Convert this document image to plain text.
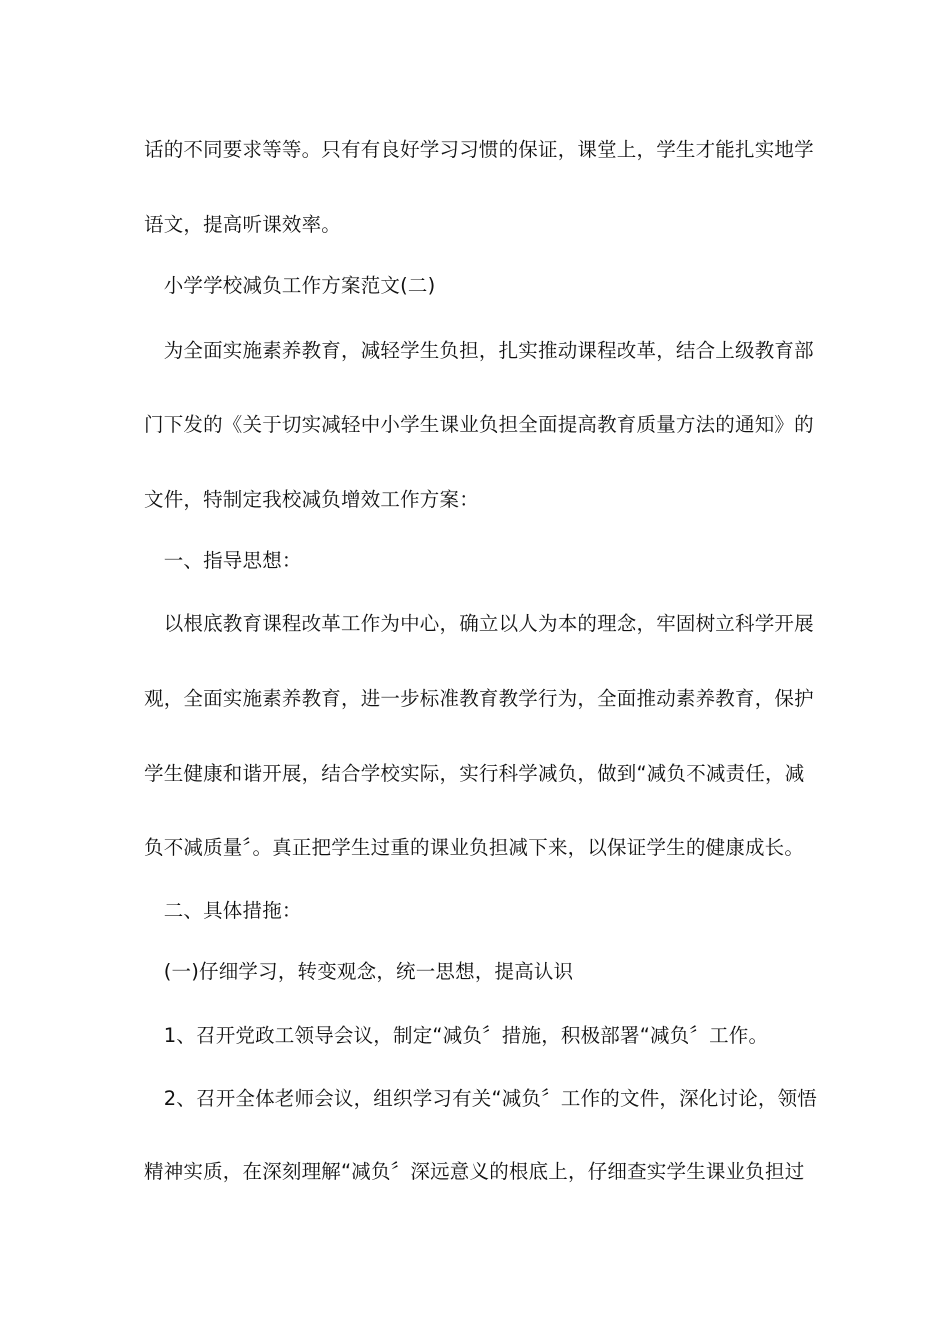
话的不同要求等等。只有有良好学习习惯的保证，课堂上，学生才能扎实地学

语文，提高听课效率。

　小学学校减负工作方案范文(二)

　为全面实施素养教育，减轻学生负担，扎实推动课程改革，结合上级教育部

门下发的《关于切实减轻中小学生课业负担全面提高教育质量方法的通知》的

文件，特制定我校减负增效工作方案：

　一、指导思想：

　以根底教育课程改革工作为中心，确立以人为本的理念，牢固树立科学开展

观，全面实施素养教育，进一步标准教育教学行为，全面推动素养教育，保护

学生健康和谐开展，结合学校实际，实行科学减负，做到“减负不减责任，减

负不减质量〞。真正把学生过重的课业负担减下来，以保证学生的健康成长。

　二、具体措拖：

　(一)仔细学习，转变观念，统一思想，提高认识

　1、召开党政工领导会议，制定“减负〞措施，积极部署“减负〞工作。

　2、召开全体老师会议，组织学习有关“减负〞工作的文件，深化讨论，领悟

精神实质，在深刻理解“减负〞深远意义的根底上，仔细查实学生课业负担过
